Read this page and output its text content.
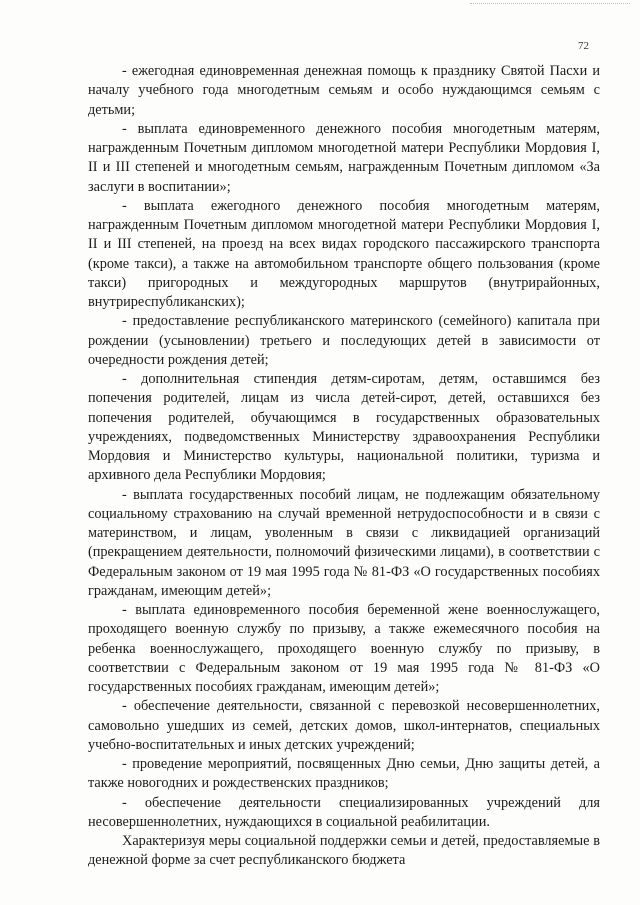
72

- ежегодная единовременная денежная помощь к празднику Святой Пасхи и началу учебного года многодетным семьям и особо нуждающимся семьям с детьми;

- выплата единовременного денежного пособия многодетным матерям, награжденным Почетным дипломом многодетной матери Республики Мордовия I, II и III степеней и многодетным семьям, награжденным Почетным дипломом «За заслуги в воспитании»;

- выплата ежегодного денежного пособия многодетным матерям, награжденным Почетным дипломом многодетной матери Республики Мордовия I, II и III степеней, на проезд на всех видах городского пассажирского транспорта (кроме такси), а также на автомобильном транспорте общего пользования (кроме такси) пригородных и междугородных маршрутов (внутрирайонных, внутриреспубликанских);

- предоставление республиканского материнского (семейного) капитала при рождении (усыновлении) третьего и последующих детей в зависимости от очередности рождения детей;

- дополнительная стипендия детям-сиротам, детям, оставшимся без попечения родителей, лицам из числа детей-сирот, детей, оставшихся без попечения родителей, обучающимся в государственных образовательных учреждениях, подведомственных Министерству здравоохранения Республики Мордовия и Министерство культуры, национальной политики, туризма и архивного дела Республики Мордовия;

- выплата государственных пособий лицам, не подлежащим обязательному социальному страхованию на случай временной нетрудоспособности и в связи с материнством, и лицам, уволенным в связи с ликвидацией организаций (прекращением деятельности, полномочий физическими лицами), в соответствии с Федеральным законом от 19 мая 1995 года № 81-ФЗ «О государственных пособиях гражданам, имеющим детей»;

- выплата единовременного пособия беременной жене военнослужащего, проходящего военную службу по призыву, а также ежемесячного пособия на ребенка военнослужащего, проходящего военную службу по призыву, в соответствии с Федеральным законом от 19 мая 1995 года № 81-ФЗ «О государственных пособиях гражданам, имеющим детей»;

- обеспечение деятельности, связанной с перевозкой несовершеннолетних, самовольно ушедших из семей, детских домов, школ-интернатов, специальных учебно-воспитательных и иных детских учреждений;

- проведение мероприятий, посвященных Дню семьи, Дню защиты детей, а также новогодних и рождественских праздников;

- обеспечение деятельности специализированных учреждений для несовершеннолетних, нуждающихся в социальной реабилитации.

Характеризуя меры социальной поддержки семьи и детей, предоставляемые в денежной форме за счет республиканского бюджета
